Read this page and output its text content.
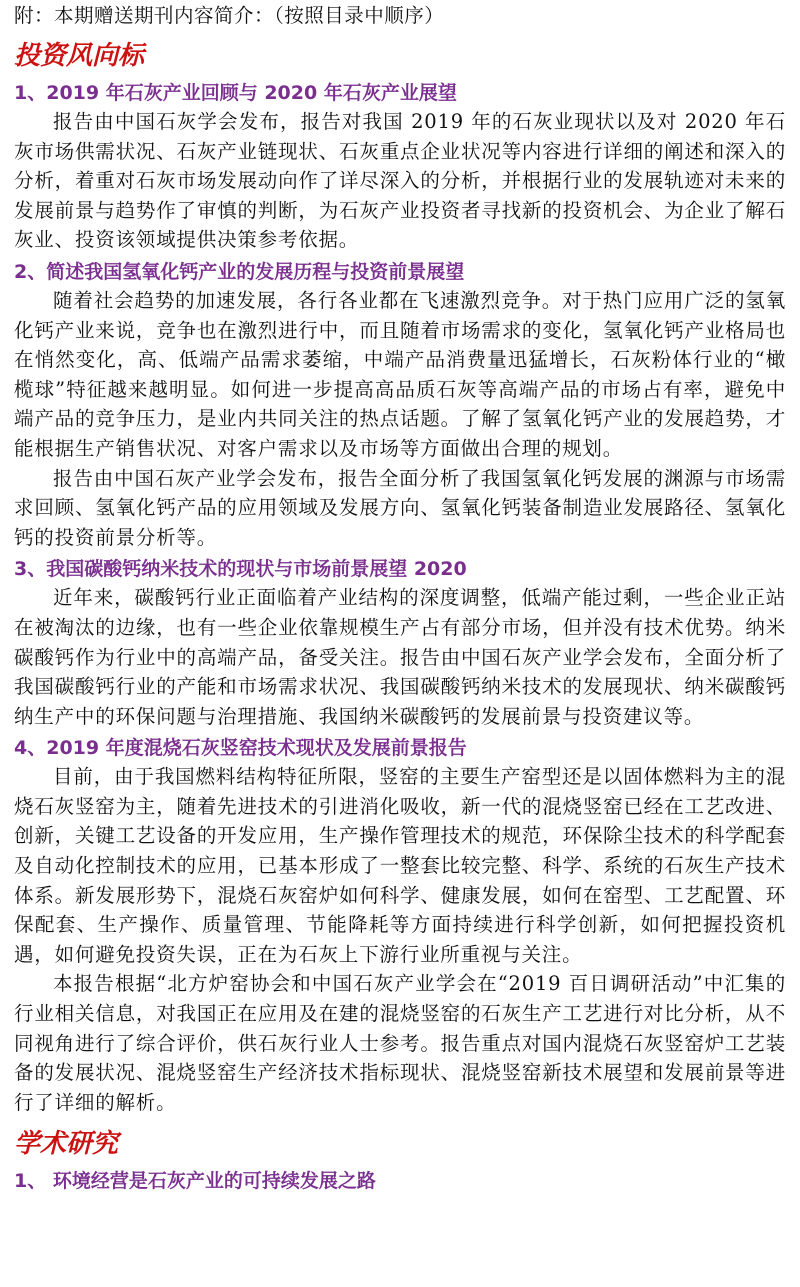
附：本期赠送期刊内容简介：（按照目录中顺序）

投资风向标
1、2019 年石灰产业回顾与 2020 年石灰产业展望

报告由中国石灰学会发布，报告对我国 2019 年的石灰业现状以及对 2020 年石灰市场供需状况、石灰产业链现状、石灰重点企业状况等内容进行详细的阐述和深入的分析，着重对石灰市场发展动向作了详尽深入的分析，并根据行业的发展轨迹对未来的发展前景与趋势作了审慎的判断，为石灰产业投资者寻找新的投资机会、为企业了解石灰业、投资该领域提供决策参考依据。

2、简述我国氢氧化钙产业的发展历程与投资前景展望

随着社会趋势的加速发展，各行各业都在飞速激烈竞争。对于热门应用广泛的氢氧化钙产业来说，竞争也在激烈进行中，而且随着市场需求的变化，氢氧化钙产业格局也在悄然变化，高、低端产品需求萎缩，中端产品消费量迅猛增长，石灰粉体行业的“橄榄球”特征越来越明显。如何进一步提高高品质石灰等高端产品的市场占有率，避免中端产品的竞争压力，是业内共同关注的热点话题。了解了氢氧化钙产业的发展趋势，才能根据生产销售状况、对客户需求以及市场等方面做出合理的规划。

报告由中国石灰产业学会发布，报告全面分析了我国氢氧化钙发展的渊源与市场需求回顾、氢氧化钙产品的应用领域及发展方向、氢氧化钙装备制造业发展路径、氢氧化钙的投资前景分析等。

3、我国碳酸钙纳米技术的现状与市场前景展望 2020

近年来，碳酸钙行业正面临着产业结构的深度调整，低端产能过剩，一些企业正站在被淘汰的边缘，也有一些企业依靠规模生产占有部分市场，但并没有技术优势。纳米碳酸钙作为行业中的高端产品，备受关注。报告由中国石灰产业学会发布，全面分析了我国碳酸钙行业的产能和市场需求状况、我国碳酸钙纳米技术的发展现状、纳米碳酸钙纳生产中的环保问题与治理措施、我国纳米碳酸钙的发展前景与投资建议等。

4、2019 年度混烧石灰竖窑技术现状及发展前景报告

目前，由于我国燃料结构特征所限，竖窑的主要生产窑型还是以固体燃料为主的混烧石灰竖窑为主，随着先进技术的引进消化吸收，新一代的混烧竖窑已经在工艺改进、创新，关键工艺设备的开发应用，生产操作管理技术的规范，环保除尘技术的科学配套及自动化控制技术的应用，已基本形成了一整套比较完整、科学、系统的石灰生产技术体系。新发展形势下，混烧石灰窑炉如何科学、健康发展，如何在窑型、工艺配置、环保配套、生产操作、质量管理、节能降耗等方面持续进行科学创新，如何把握投资机遇，如何避免投资失误，正在为石灰上下游行业所重视与关注。

本报告根据“北方炉窑协会和中国石灰产业学会在“2019 百日调研活动”中汇集的行业相关信息，对我国正在应用及在建的混烧竖窑的石灰生产工艺进行对比分析，从不同视角进行了综合评价，供石灰行业人士参考。报告重点对国内混烧石灰竖窑炉工艺装备的发展状况、混烧竖窑生产经济技术指标现状、混烧竖窑新技术展望和发展前景等进行了详细的解析。

学术研究
1、 环境经营是石灰产业的可持续发展之路
